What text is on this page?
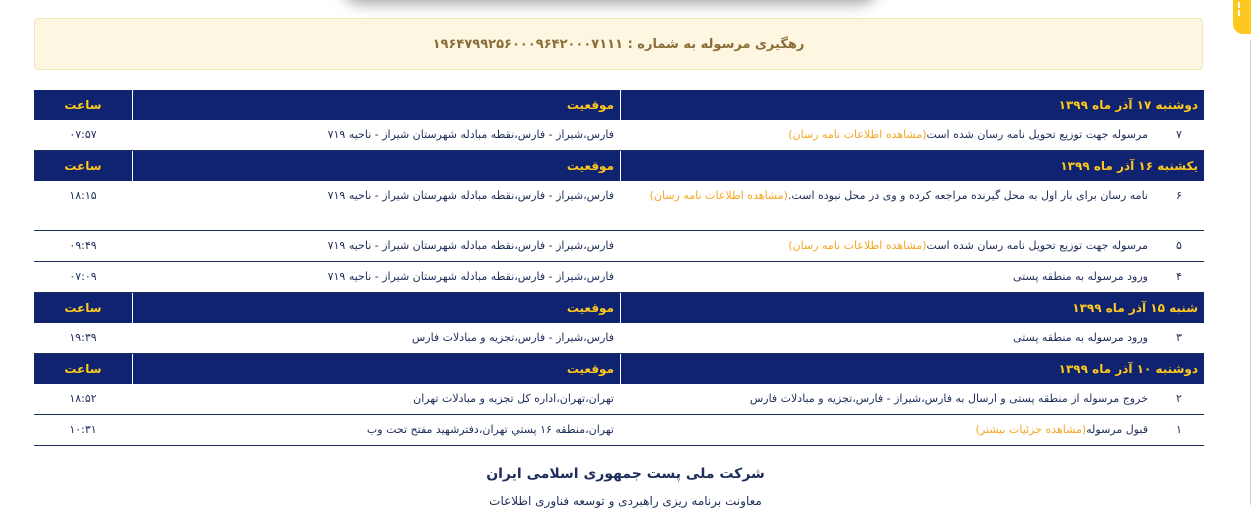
رهگیری مرسوله به شماره : ۱۹۶۴۷۹۹۲۵۶۰۰۰۹۶۴۲۰۰۰۷۱۱۱
دوشنبه ۱۷ آذر ماه ۱۳۹۹
موقعیت
ساعت
۷
مرسوله جهت توزیع تحویل نامه رسان شده است(مشاهده اطلاعات نامه رسان)
فارس،شیراز - فارس،نقطه مبادله شهرستان شیراز - ناحیه ۷۱۹
۰۷:۵۷
یکشنبه ۱۶ آذر ماه ۱۳۹۹
موقعیت
ساعت
۶
نامه رسان برای بار اول به محل گیرنده مراجعه کرده و وی در محل نبوده است.(مشاهده اطلاعات نامه رسان)
فارس،شیراز - فارس،نقطه مبادله شهرستان شیراز - ناحیه ۷۱۹
۱۸:۱۵
۵
مرسوله جهت توزیع تحویل نامه رسان شده است(مشاهده اطلاعات نامه رسان)
فارس،شیراز - فارس،نقطه مبادله شهرستان شیراز - ناحیه ۷۱۹
۰۹:۴۹
۴
ورود مرسوله به منطقه پستی
فارس،شیراز - فارس،نقطه مبادله شهرستان شیراز - ناحیه ۷۱۹
۰۷:۰۹
شنبه ۱۵ آذر ماه ۱۳۹۹
موقعیت
ساعت
۳
ورود مرسوله به منطقه پستی
فارس،شیراز - فارس،تجزیه و مبادلات فارس
۱۹:۳۹
دوشنبه ۱۰ آذر ماه ۱۳۹۹
موقعیت
ساعت
۲
خروج مرسوله از منطقه پستی و ارسال به فارس،شیراز - فارس،تجزیه و مبادلات فارس
تهران،تهران،اداره کل تجزیه و مبادلات تهران
۱۸:۵۲
۱
قبول مرسوله(مشاهده جزئیات بیشتر)
تهران،منطقه ۱۶ پستي تهران،دفترشهید مفتح تحت وب
۱۰:۳۱
شرکت ملی پست جمهوری اسلامی ایران
معاونت برنامه ریزی راهبردی و توسعه فناوری اطلاعات
